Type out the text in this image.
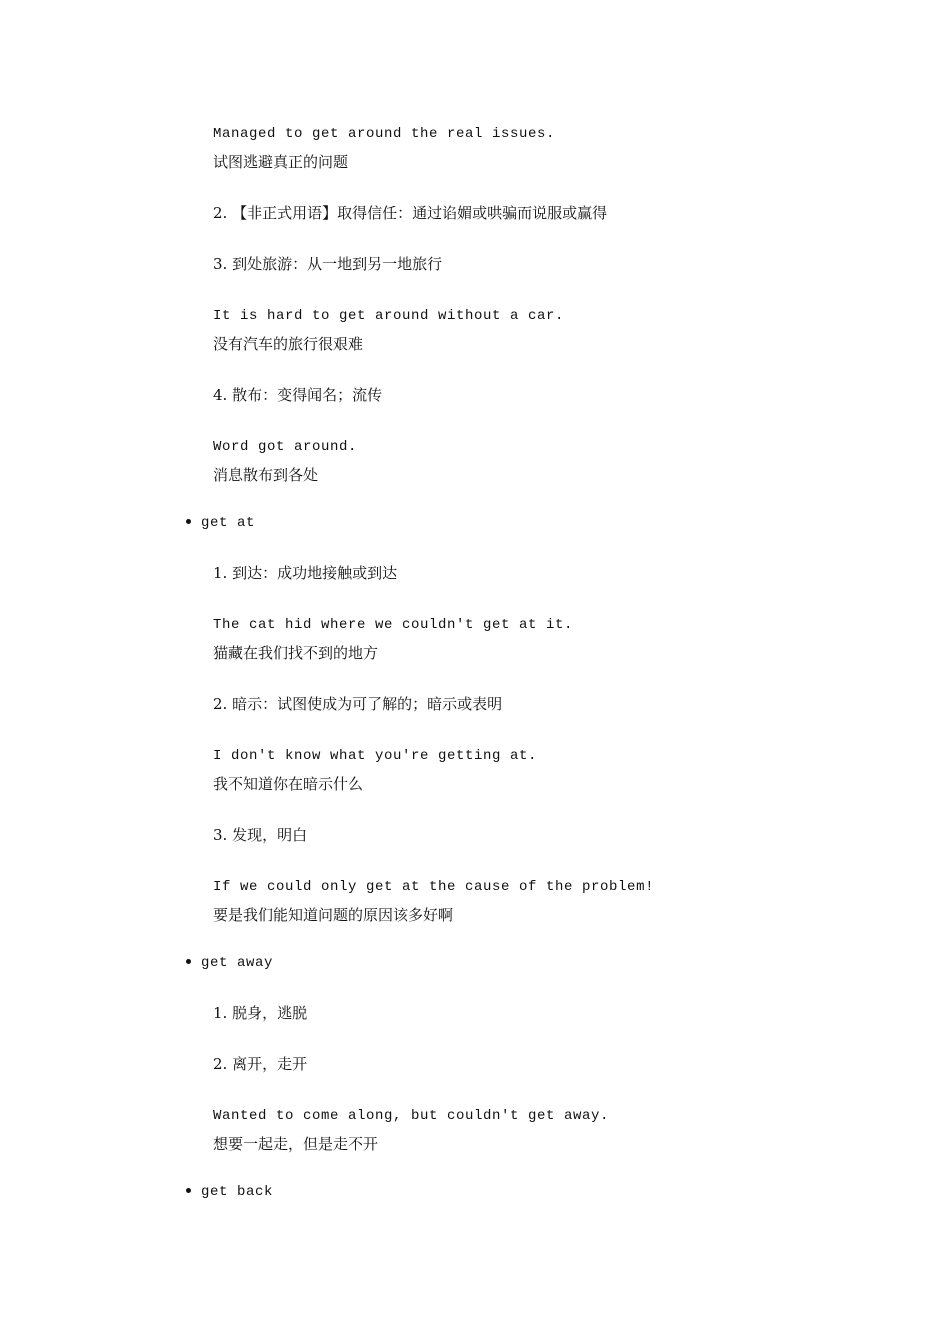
Managed to get around the real issues.
试图逃避真正的问题
2. 【非正式用语】取得信任：通过谄媚或哄骗而说服或赢得
3. 到处旅游：从一地到另一地旅行
It is hard to get around without a car.
没有汽车的旅行很艰难
4. 散布：变得闻名；流传
Word got around.
消息散布到各处
get at
1. 到达：成功地接触或到达
The cat hid where we couldn't get at it.
猫藏在我们找不到的地方
2. 暗示：试图使成为可了解的；暗示或表明
I don't know what you're getting at.
我不知道你在暗示什么
3. 发现，明白
If we could only get at the cause of the problem!
要是我们能知道问题的原因该多好啊
get away
1. 脱身，逃脱
2. 离开，走开
Wanted to come along, but couldn't get away.
想要一起走，但是走不开
get back
